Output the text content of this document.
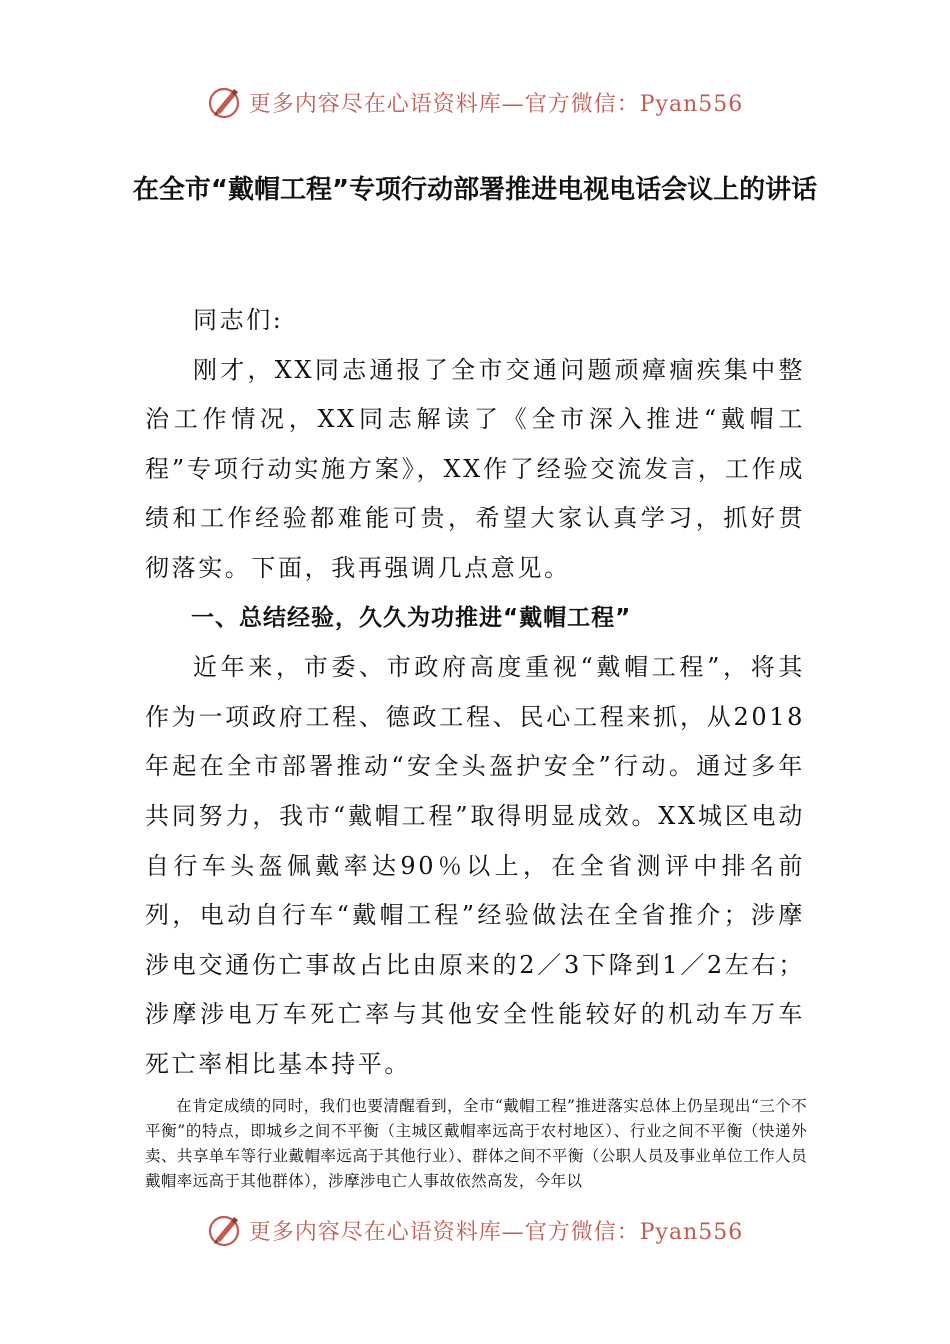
更多内容尽在心语资料库—官方微信：Pyan556
在全市“戴帽工程”专项行动部署推进电视电话会议上的讲话

同志们:

刚才，XX同志通报了全市交通问题顽瘴痼疾集中整治工作情况，XX同志解读了《全市深入推进“戴帽工程”专项行动实施方案》，XX作了经验交流发言，工作成绩和工作经验都难能可贵，希望大家认真学习，抓好贯彻落实。下面，我再强调几点意见。

一、总结经验，久久为功推进“戴帽工程”

近年来，市委、市政府高度重视“戴帽工程”，将其作为一项政府工程、德政工程、民心工程来抓，从2018年起在全市部署推动“安全头盔护安全”行动。通过多年共同努力，我市“戴帽工程”取得明显成效。XX城区电动自行车头盔佩戴率达90％以上，在全省测评中排名前列，电动自行车“戴帽工程”经验做法在全省推介；涉摩涉电交通伤亡事故占比由原来的2／3下降到1／2左右；涉摩涉电万车死亡率与其他安全性能较好的机动车万车死亡率相比基本持平。

在肯定成绩的同时，我们也要清醒看到，全市“戴帽工程”推进落实总体上仍呈现出“三个不平衡”的特点，即城乡之间不平衡（主城区戴帽率远高于农村地区）、行业之间不平衡（快递外卖、共享单车等行业戴帽率远高于其他行业）、群体之间不平衡（公职人员及事业单位工作人员戴帽率远高于其他群体），涉摩涉电亡人事故依然高发，今年以

更多内容尽在心语资料库—官方微信：Pyan556
